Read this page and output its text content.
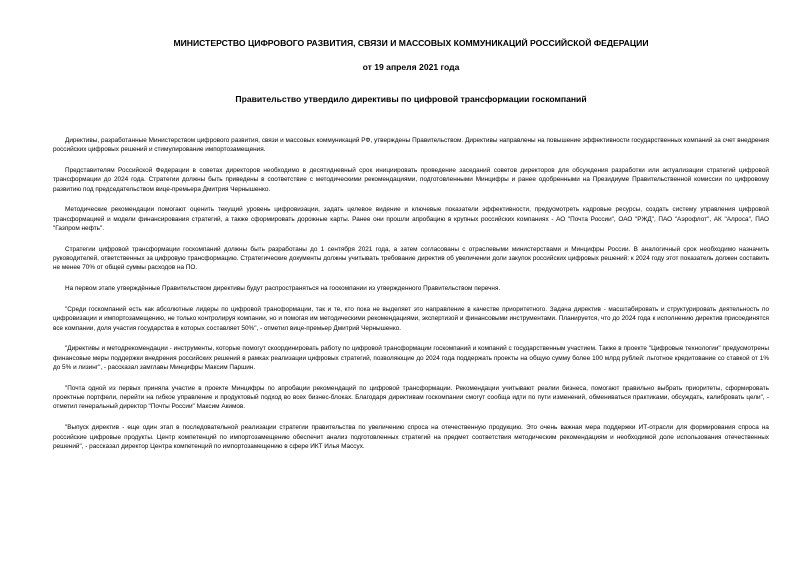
МИНИСТЕРСТВО ЦИФРОВОГО РАЗВИТИЯ, СВЯЗИ И МАССОВЫХ КОММУНИКАЦИЙ РОССИЙСКОЙ ФЕДЕРАЦИИ

от 19 апреля 2021 года

Правительство утвердило директивы по цифровой трансформации госкомпаний

Директивы, разработанные Министерством цифрового развития, связи и массовых коммуникаций РФ, утверждены Правительством. Директивы направлены на повышение эффективности государственных компаний за счет внедрения российских цифровых решений и стимулирование импортозамещения.

Представителям Российской Федерации в советах директоров необходимо в десятидневный срок инициировать проведение заседаний советов директоров для обсуждения разработки или актуализации стратегий цифровой трансформации до 2024 года. Стратегии должны быть приведены в соответствие с методическими рекомендациями, подготовленными Минцифры и ранее одобренными на Президиуме Правительственной комиссии по цифровому развитию под председательством вице-премьера Дмитрия Чернышенко.

Методические рекомендации помогают оценить текущий уровень цифровизации, задать целевое видение и ключевые показатели эффективности, предусмотреть кадровые ресурсы, создать систему управления цифровой трансформацией и модели финансирования стратегий, а также сформировать дорожные карты. Ранее они прошли апробацию в крупных российских компаниях - АО "Почта России", ОАО "РЖД", ПАО "Аэрофлот", АК "Алроса", ПАО "Газпром нефть".

Стратегии цифровой трансформации госкомпаний должны быть разработаны до 1 сентября 2021 года, а затем согласованы с отраслевыми министерствами и Минцифры России. В аналогичный срок необходимо назначить руководителей, ответственных за цифровую трансформацию. Стратегические документы должны учитывать требование директив об увеличении доли закупок российских цифровых решений: к 2024 году этот показатель должен составить не менее 70% от общей суммы расходов на ПО.

На первом этапе утверждённые Правительством директивы будут распространяться на госкомпании из утвержденного Правительством перечня.

"Среди госкомпаний есть как абсолютные лидеры по цифровой трансформации, так и те, кто пока не выделяет это направление в качестве приоритетного. Задача директив - масштабировать и структурировать деятельность по цифровизации и импортозамещению, не только контролируя компании, но и помогая им методическими рекомендациями, экспертизой и финансовыми инструментами. Планируется, что до 2024 года к исполнению директив присоединятся все компании, доля участия государства в которых составляет 50%", - отметил вице-премьер Дмитрий Чернышенко.

"Директивы и методрекомендации - инструменты, которые помогут скоординировать работу по цифровой трансформации госкомпаний и компаний с государственным участием. Также в проекте "Цифровые технологии" предусмотрены финансовые меры поддержки внедрения российских решений в рамках реализации цифровых стратегий, позволяющие до 2024 года поддержать проекты на общую сумму более 100 млрд рублей: льготное кредитование со ставкой от 1% до 5% и лизинг", - рассказал замглавы Минцифры Максим Паршин.

"Почта одной из первых приняла участие в проекте Минцифры по апробации рекомендаций по цифровой трансформации. Рекомендации учитывают реалии бизнеса, помогают правильно выбрать приоритеты, сформировать проектные портфели, перейти на гибкое управление и продуктовый подход во всех бизнес-блоках. Благодаря директивам госкомпании смогут сообща идти по пути изменений, обмениваться практиками, обсуждать, калибровать цели", - отметил генеральный директор "Почты России" Максим Акимов.

"Выпуск директив - еще один этап в последовательной реализации стратегии правительства по увеличению спроса на отечественную продукцию. Это очень важная мера поддержки ИТ-отрасли для формирования спроса на российские цифровые продукты. Центр компетенций по импортозамещению обеспечит анализ подготовленных стратегий на предмет соответствия методическим рекомендациям и необходимой доле использования отечественных решений", - рассказал директор Центра компетенций по импортозамещению в сфере ИКТ Илья Массух.
